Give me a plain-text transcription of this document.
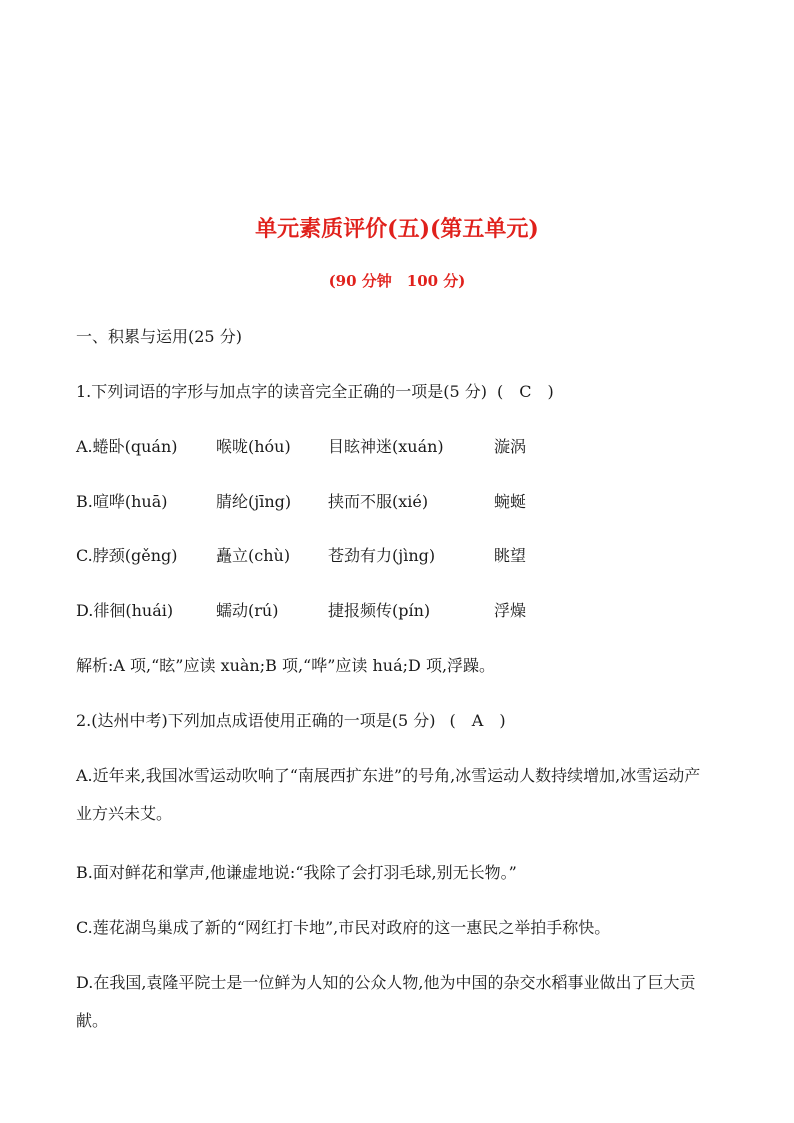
单元素质评价(五)(第五单元)
(90 分钟　100 分)
一、积累与运用(25 分)
1.下列词语的字形与加点字的读音完全正确的一项是(5 分) (　C　)
A.蜷卧(quán) 喉咙(hóu) 目眩神迷(xuán)	漩涡
B.喧哗(huā)	腈纶(jīng) 挟而不服(xié)	蜿蜒
C.脖颈(gěng) 矗立(chù) 苍劲有力(jìng)	眺望
D.徘徊(huái)	蠕动(rú)	捷报频传(pín)	浮燥
解析:A 项,“眩”应读 xuàn;B 项,“哗”应读 huá;D 项,浮躁。
2.(达州中考)下列加点成语使用正确的一项是(5 分) (　A　)
A.近年来,我国冰雪运动吹响了“南展西扩东进”的号角,冰雪运动人数持续增加,冰雪运动产业方兴未艾。
B.面对鲜花和掌声,他谦虚地说:“我除了会打羽毛球,别无长物。”
C.莲花湖鸟巢成了新的“网红打卡地”,市民对政府的这一惠民之举拍手称快。
D.在我国,袁隆平院士是一位鲜为人知的公众人物,他为中国的杂交水稻事业做出了巨大贡献。
